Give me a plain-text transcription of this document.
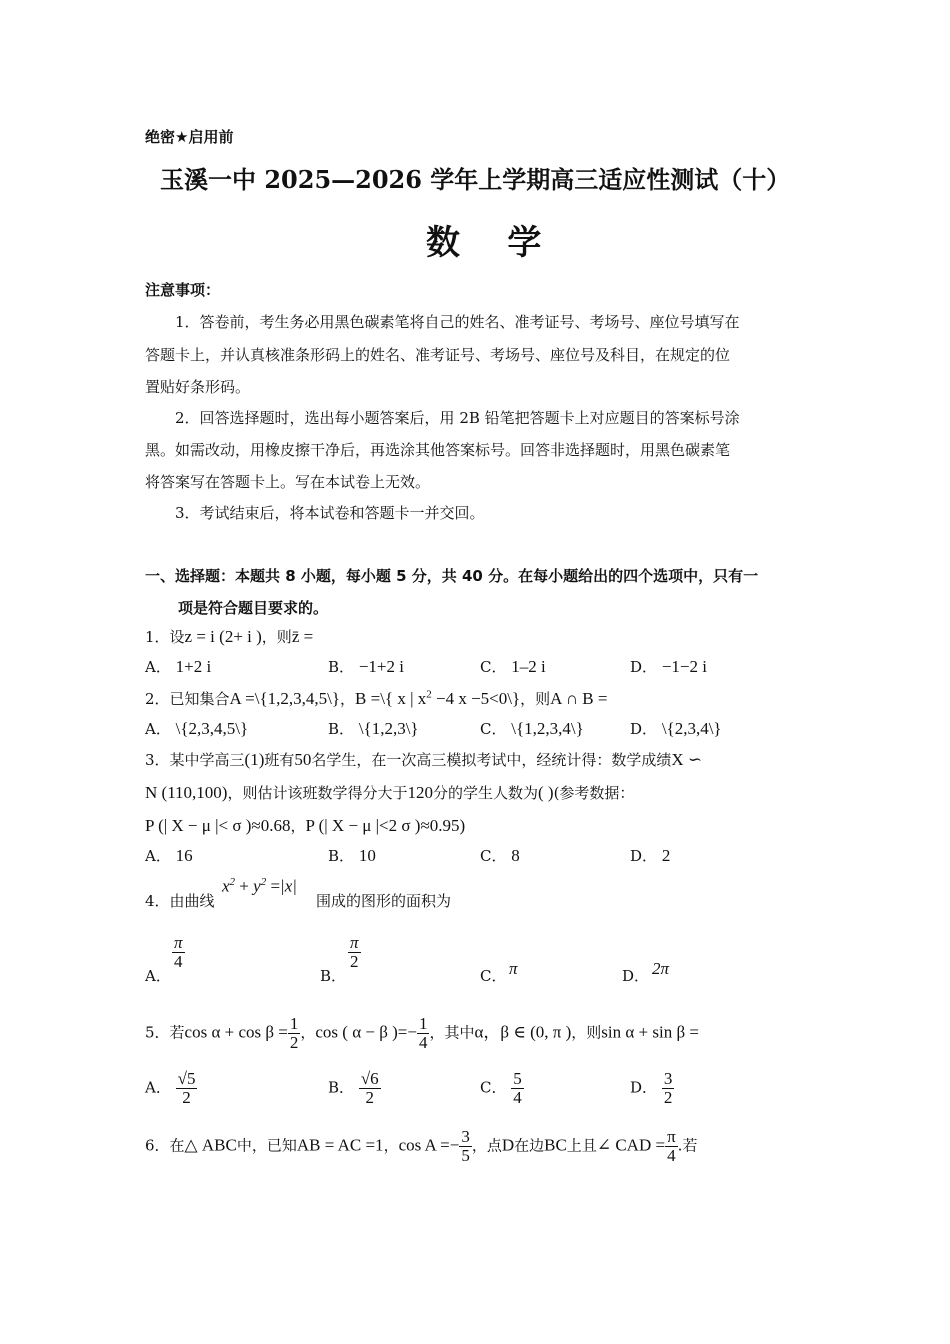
绝密★启用前
玉溪一中 2025—2026 学年上学期高三适应性测试（十）
数    学
注意事项：
1．答卷前，考生务必用黑色碳素笔将自己的姓名、准考证号、考场号、座位号填写在
答题卡上，并认真核准条形码上的姓名、准考证号、考场号、座位号及科目，在规定的位
置贴好条形码。
2．回答选择题时，选出每小题答案后，用 2B 铅笔把答题卡上对应题目的答案标号涂
黑。如需改动，用橡皮擦干净后，再选涂其他答案标号。回答非选择题时，用黑色碳素笔
将答案写在答题卡上。写在本试卷上无效。
3．考试结束后，将本试卷和答题卡一并交回。
一、选择题：本题共 8 小题，每小题 5 分，共 40 分。在每小题给出的四个选项中，只有一
项是符合题目要求的。
1．设z = i (2+ i )，则z̄ =
A． 1+2 i	B． −1+2 i	C． 1–2 i	D． −1−2 i
2．已知集合A =\{1,2,3,4,5\}，B =\{ x | $x^2 -4$ x −5<0\}，则A ∩ B =
A． \{2,3,4,5\}	B． \{1,2,3\}	C． \{1,2,3,4\}	D． \{2,3,4\}
3．某中学高三(1)班有50名学生，在一次高三模拟考试中，经统计得：数学成绩X ∽
N (110,100)，则估计该班数学得分大于120分的学生人数为( )(参考数据：
P (| X − μ |< σ )≈0.68，P (| X − μ |<2 σ )≈0.95)
A． 16	B． 10	C． 8	D． 2
4．由曲线
$x^2 + y^2 =|x|$
围成的图形的面积为
A．
$\frac{\pi}{4}$
B．
$\frac{\pi}{2}$
C． π	D． 2π
5．若$\cos \alpha + \cos \beta = \frac{1}{2}$ ，cos ( α − β )=− $\frac{1}{4}$ ，其中α，β ∈ (0, π )，则sin α + sin β =
A． $\frac{√5}{2}$	B． $\frac{√6}{2}$	C． $\frac{5}{4}$	D． $\frac{3}{2}$
6．在△ ABC中，已知AB = AC =1，$\cos A =- \frac{3}{5}$ ，点D在边BC上且∠ CAD = $\frac{\pi}{4}$ .若
